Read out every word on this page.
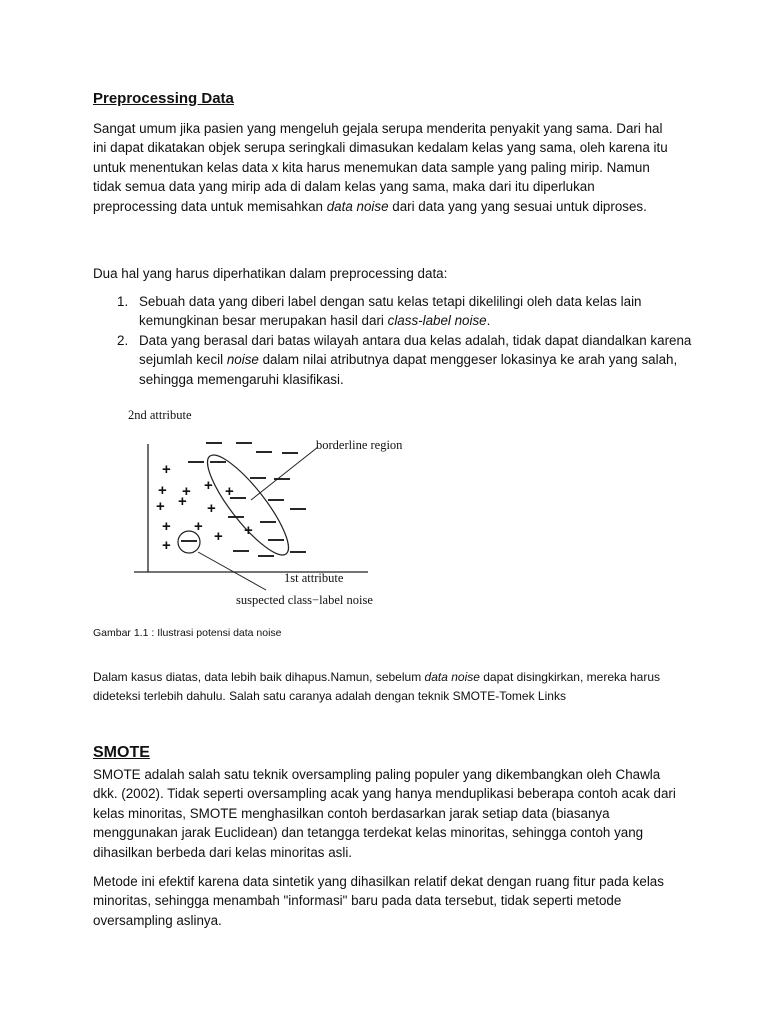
Preprocessing Data

Sangat umum jika pasien yang mengeluh gejala serupa menderita penyakit yang sama. Dari hal ini dapat dikatakan objek serupa seringkali dimasukan kedalam kelas yang sama, oleh karena itu untuk menentukan kelas data x kita harus menemukan data sample yang paling mirip. Namun tidak semua data yang mirip ada di dalam kelas yang sama, maka dari itu diperlukan preprocessing data untuk memisahkan data noise dari data yang yang sesuai untuk diproses.

Dua hal yang harus diperhatikan dalam preprocessing data:

1. Sebuah data yang diberi label dengan satu kelas tetapi dikelilingi oleh data kelas lain kemungkinan besar merupakan hasil dari class-label noise.
2. Data yang berasal dari batas wilayah antara dua kelas adalah, tidak dapat diandalkan karena sejumlah kecil noise dalam nilai atributnya dapat menggeser lokasinya ke arah yang salah, sehingga memengaruhi klasifikasi.
2nd attribute
1st attribute
borderline region
suspected class−label noise
+
+ + + +
+ + +
+ +
+ +
+

Gambar 1.1 : Ilustrasi potensi data noise

Dalam kasus diatas, data lebih baik dihapus.Namun, sebelum data noise dapat disingkirkan, mereka harus dideteksi terlebih dahulu. Salah satu caranya adalah dengan teknik SMOTE-Tomek Links

SMOTE

SMOTE adalah salah satu teknik oversampling paling populer yang dikembangkan oleh Chawla dkk. (2002). Tidak seperti oversampling acak yang hanya menduplikasi beberapa contoh acak dari kelas minoritas, SMOTE menghasilkan contoh berdasarkan jarak setiap data (biasanya menggunakan jarak Euclidean) dan tetangga terdekat kelas minoritas, sehingga contoh yang dihasilkan berbeda dari kelas minoritas asli.

Metode ini efektif karena data sintetik yang dihasilkan relatif dekat dengan ruang fitur pada kelas minoritas, sehingga menambah "informasi" baru pada data tersebut, tidak seperti metode oversampling aslinya.
